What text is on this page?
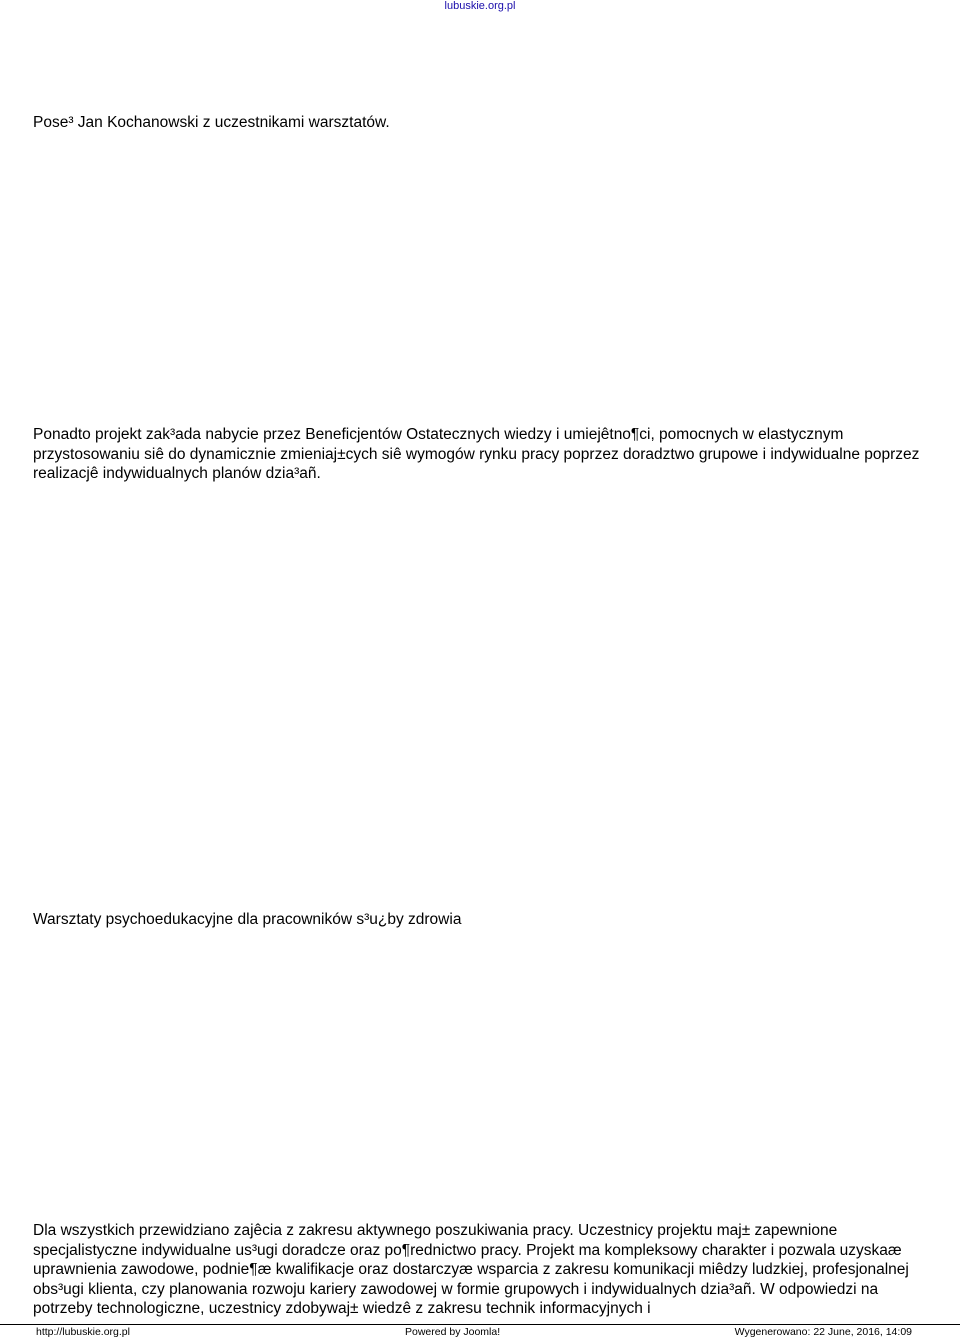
lubuskie.org.pl

Pose³ Jan Kochanowski z uczestnikami warsztatów.

Ponadto projekt zak³ada nabycie przez Beneficjentów Ostatecznych wiedzy i umiejêtno¶ci, pomocnych w elastycznym przystosowaniu siê do dynamicznie zmieniaj±cych siê wymogów rynku pracy poprzez doradztwo grupowe i indywidualne poprzez realizacjê indywidualnych planów dzia³añ.

Warsztaty psychoedukacyjne dla pracowników s³u¿by zdrowia

Dla wszystkich przewidziano zajêcia z zakresu aktywnego poszukiwania pracy. Uczestnicy projektu maj± zapewnione specjalistyczne indywidualne us³ugi doradcze oraz po¶rednictwo pracy. Projekt ma kompleksowy charakter i pozwala uzyskaæ uprawnienia zawodowe, podnie¶æ kwalifikacje oraz dostarczyæ wsparcia z zakresu komunikacji miêdzy ludzkiej, profesjonalnej obs³ugi klienta, czy planowania rozwoju kariery zawodowej w formie grupowych i indywidualnych dzia³añ. W odpowiedzi na potrzeby technologiczne, uczestnicy zdobywaj± wiedzê z zakresu technik informacyjnych i

http://lubuskie.org.pl	Powered by Joomla!	Wygenerowano: 22 June, 2016, 14:09
